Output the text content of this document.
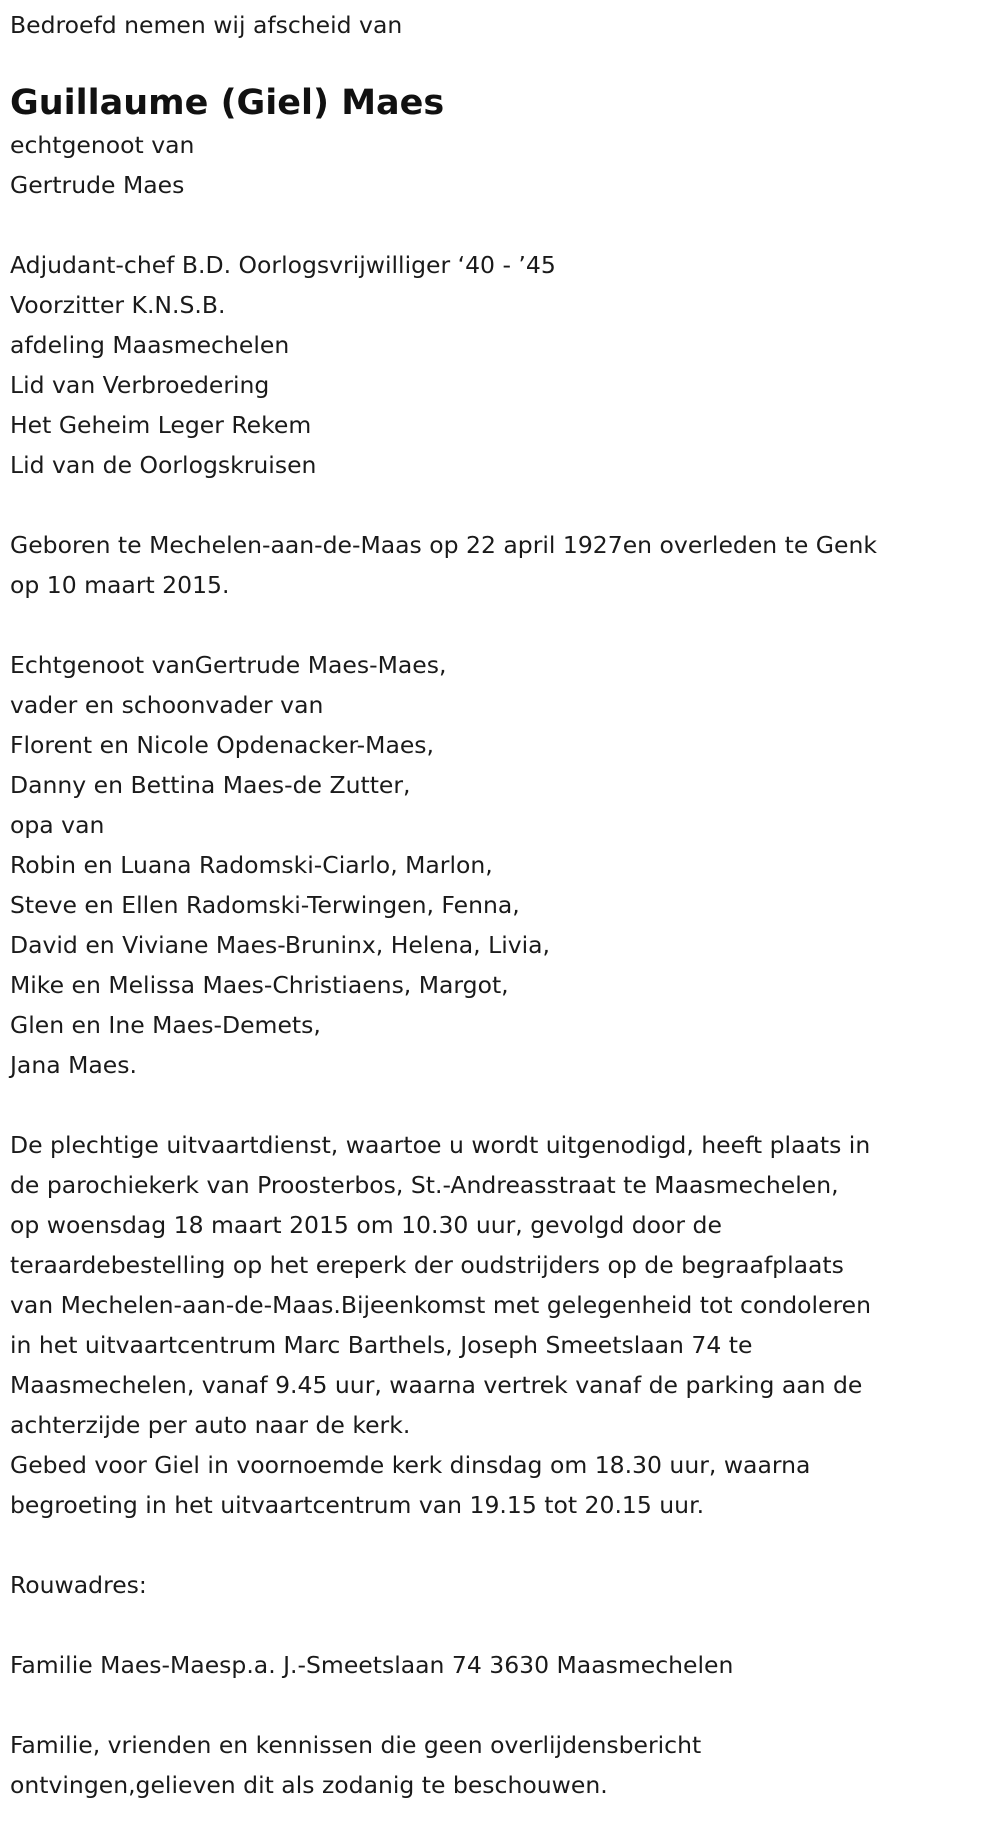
Bedroefd nemen wij afscheid van
Guillaume (Giel) Maes
echtgenoot van
Gertrude Maes
Adjudant-chef B.D. Oorlogsvrijwilliger ‘40 - ’45
Voorzitter K.N.S.B.
afdeling Maasmechelen
Lid van Verbroedering
Het Geheim Leger Rekem
Lid van de Oorlogskruisen
Geboren te Mechelen-aan-de-Maas op 22 april 1927en overleden te Genk
op 10 maart 2015.
Echtgenoot vanGertrude Maes-Maes,
vader en schoonvader van
Florent en Nicole Opdenacker-Maes,
Danny en Bettina Maes-de Zutter,
opa van
Robin en Luana Radomski-Ciarlo, Marlon,
Steve en Ellen Radomski-Terwingen, Fenna,
David en Viviane Maes-Bruninx, Helena, Livia,
Mike en Melissa Maes-Christiaens, Margot,
Glen en Ine Maes-Demets,
Jana Maes.
De plechtige uitvaartdienst, waartoe u wordt uitgenodigd, heeft plaats in
de parochiekerk van Proosterbos, St.-Andreasstraat te Maasmechelen,
op woensdag 18 maart 2015 om 10.30 uur, gevolgd door de
teraardebestelling op het ereperk der oudstrijders op de begraafplaats
van Mechelen-aan-de-Maas.Bijeenkomst met gelegenheid tot condoleren
in het uitvaartcentrum Marc Barthels, Joseph Smeetslaan 74 te
Maasmechelen, vanaf 9.45 uur, waarna vertrek vanaf de parking aan de
achterzijde per auto naar de kerk.
Gebed voor Giel in voornoemde kerk dinsdag om 18.30 uur, waarna
begroeting in het uitvaartcentrum van 19.15 tot 20.15 uur.
Rouwadres:
Familie Maes-Maesp.a. J.-Smeetslaan 74 3630 Maasmechelen
Familie, vrienden en kennissen die geen overlijdensbericht
ontvingen,gelieven dit als zodanig te beschouwen.
